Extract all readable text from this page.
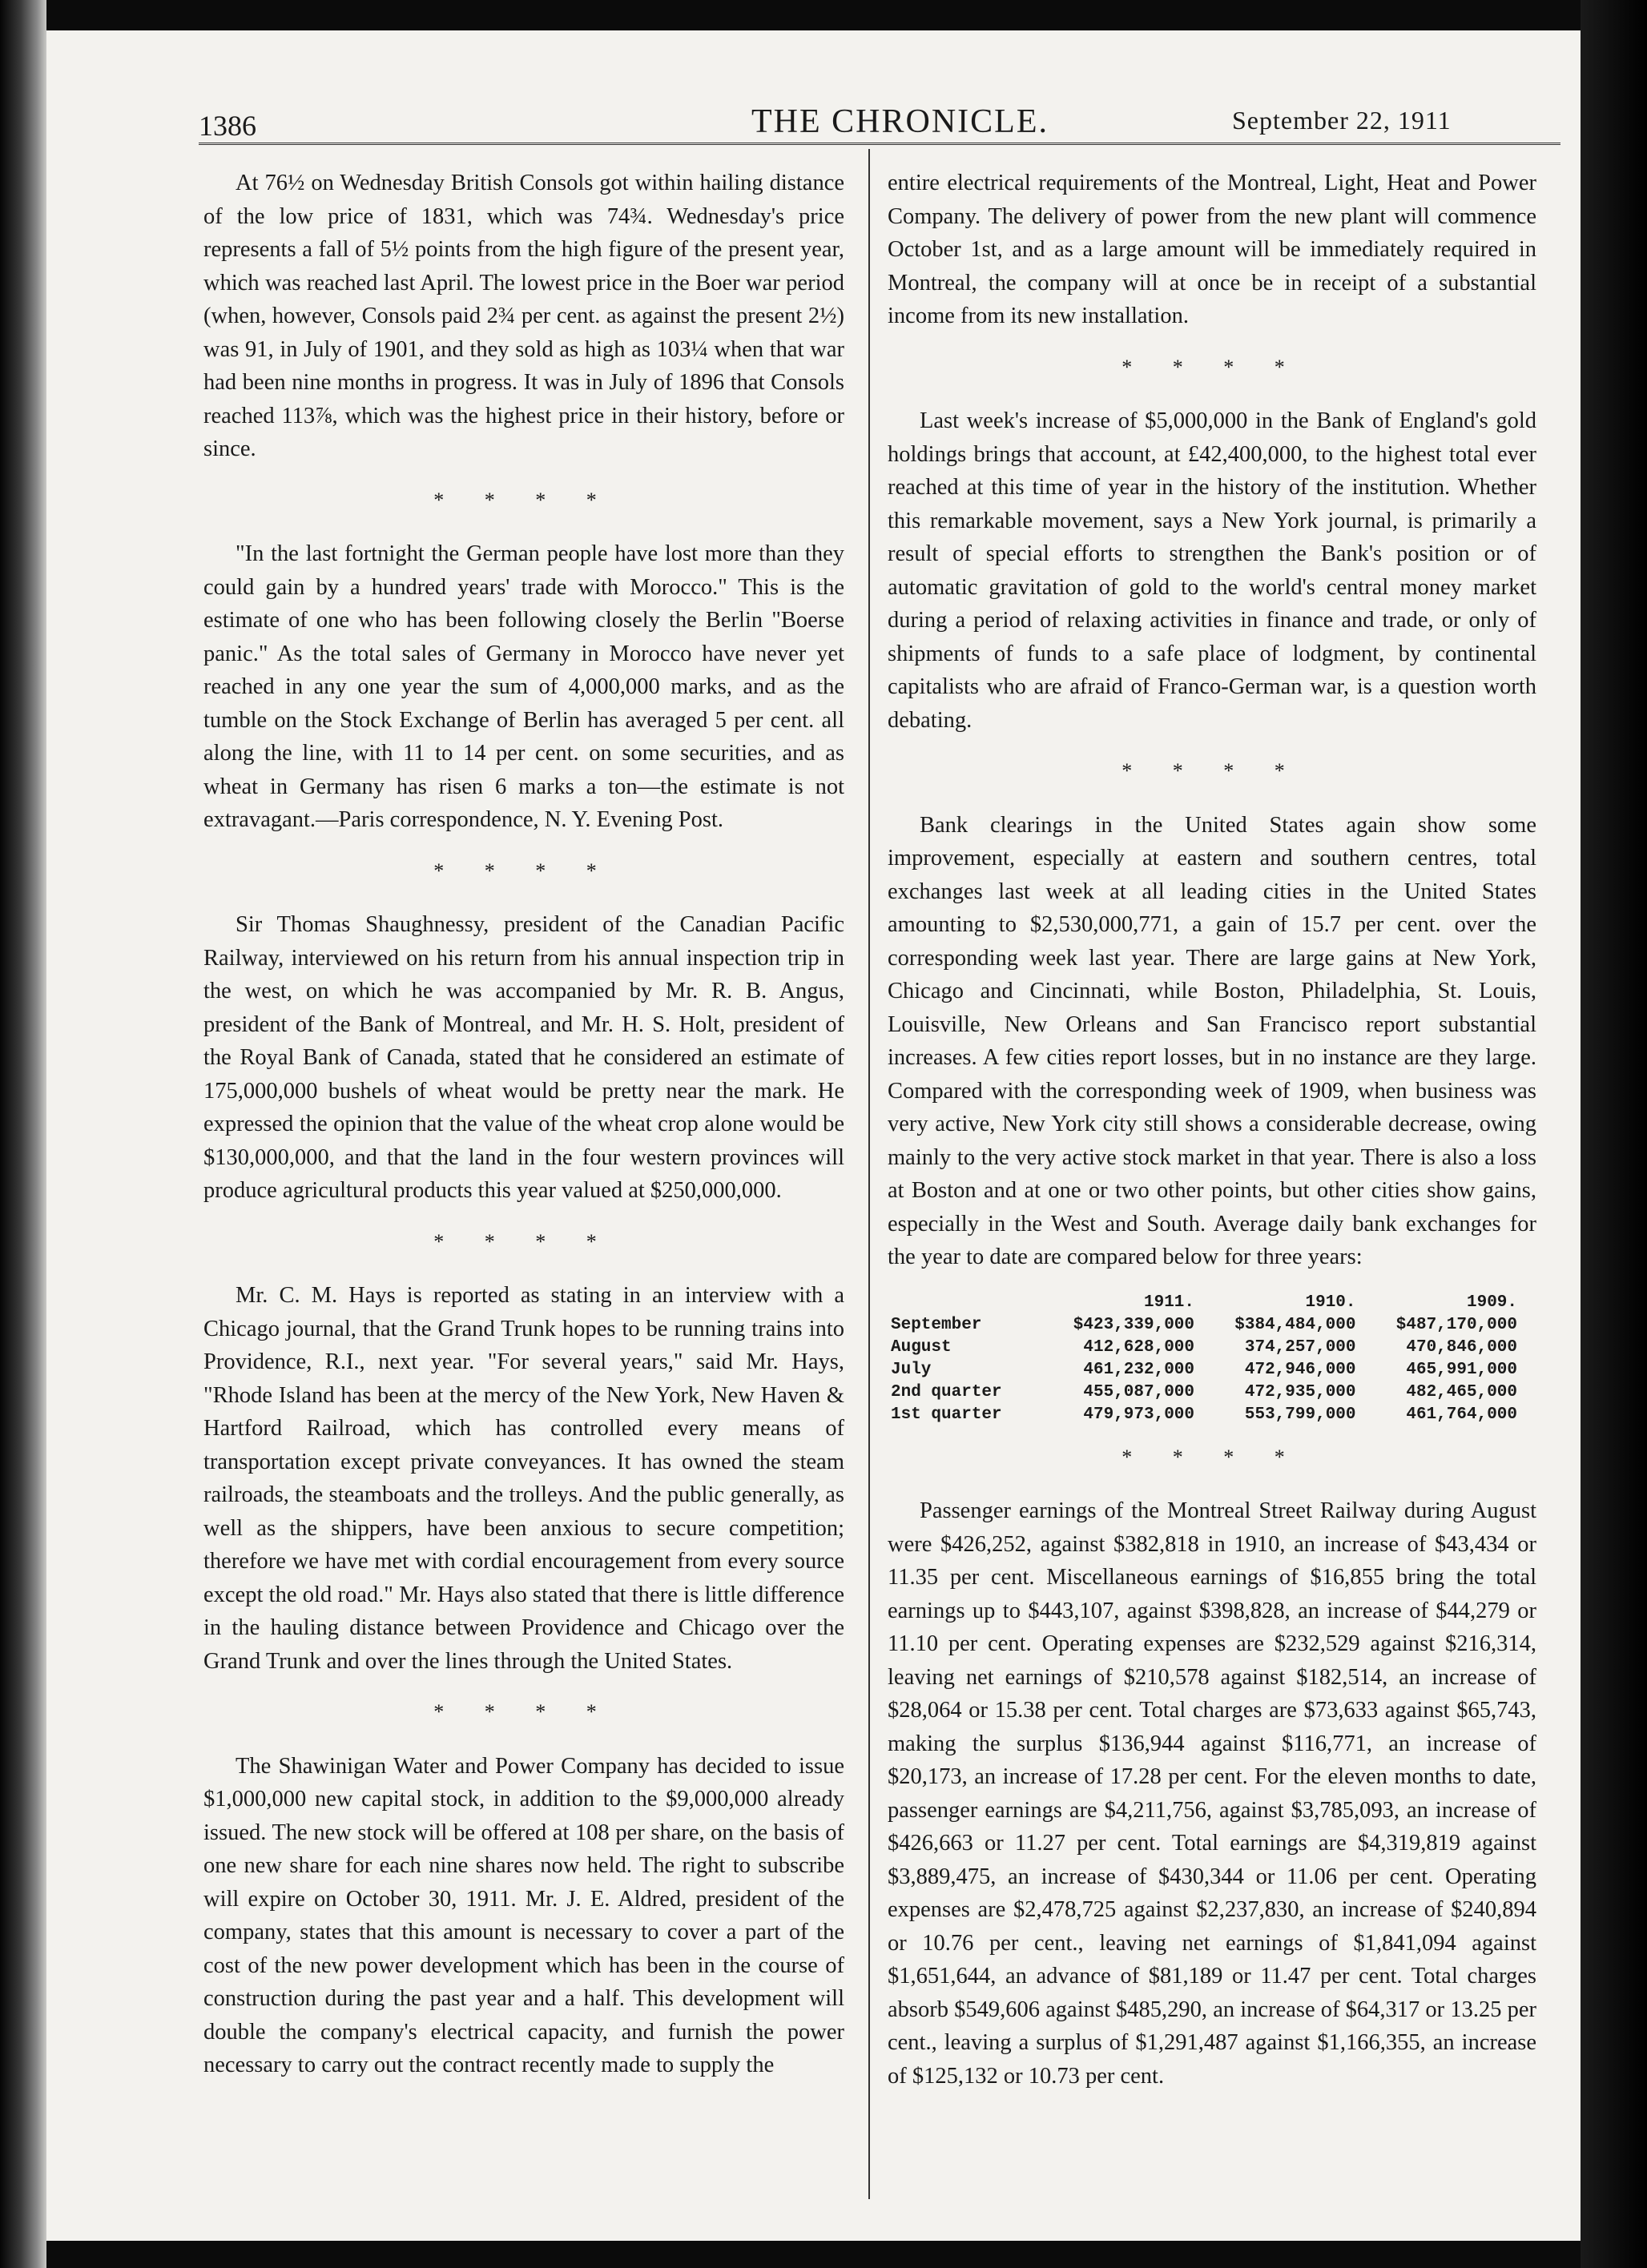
1386	THE CHRONICLE.	September 22, 1911

At 76½ on Wednesday British Consols got within hailing distance of the low price of 1831, which was 74¾. Wednesday's price represents a fall of 5½ points from the high figure of the present year, which was reached last April. The lowest price in the Boer war period (when, however, Consols paid 2¾ per cent. as against the present 2½) was 91, in July of 1901, and they sold as high as 103¼ when that war had been nine months in progress. It was in July of 1896 that Consols reached 113⅞, which was the highest price in their history, before or since.

* * * *

"In the last fortnight the German people have lost more than they could gain by a hundred years' trade with Morocco." This is the estimate of one who has been following closely the Berlin "Boerse panic." As the total sales of Germany in Morocco have never yet reached in any one year the sum of 4,000,000 marks, and as the tumble on the Stock Exchange of Berlin has averaged 5 per cent. all along the line, with 11 to 14 per cent. on some securities, and as wheat in Germany has risen 6 marks a ton—the estimate is not extravagant.—Paris correspondence, N. Y. Evening Post.

* * * *

Sir Thomas Shaughnessy, president of the Canadian Pacific Railway, interviewed on his return from his annual inspection trip in the west, on which he was accompanied by Mr. R. B. Angus, president of the Bank of Montreal, and Mr. H. S. Holt, president of the Royal Bank of Canada, stated that he considered an estimate of 175,000,000 bushels of wheat would be pretty near the mark. He expressed the opinion that the value of the wheat crop alone would be $130,000,000, and that the land in the four western provinces will produce agricultural products this year valued at $250,000,000.

* * * *

Mr. C. M. Hays is reported as stating in an interview with a Chicago journal, that the Grand Trunk hopes to be running trains into Providence, R.I., next year. "For several years," said Mr. Hays, "Rhode Island has been at the mercy of the New York, New Haven & Hartford Railroad, which has controlled every means of transportation except private conveyances. It has owned the steam railroads, the steamboats and the trolleys. And the public generally, as well as the shippers, have been anxious to secure competition; therefore we have met with cordial encouragement from every source except the old road." Mr. Hays also stated that there is little difference in the hauling distance between Providence and Chicago over the Grand Trunk and over the lines through the United States.

* * * *

The Shawinigan Water and Power Company has decided to issue $1,000,000 new capital stock, in addition to the $9,000,000 already issued. The new stock will be offered at 108 per share, on the basis of one new share for each nine shares now held. The right to subscribe will expire on October 30, 1911. Mr. J. E. Aldred, president of the company, states that this amount is necessary to cover a part of the cost of the new power development which has been in the course of construction during the past year and a half. This development will double the company's electrical capacity, and furnish the power necessary to carry out the contract recently made to supply the

entire electrical requirements of the Montreal, Light, Heat and Power Company. The delivery of power from the new plant will commence October 1st, and as a large amount will be immediately required in Montreal, the company will at once be in receipt of a substantial income from its new installation.

* * * *

Last week's increase of $5,000,000 in the Bank of England's gold holdings brings that account, at £42,400,000, to the highest total ever reached at this time of year in the history of the institution. Whether this remarkable movement, says a New York journal, is primarily a result of special efforts to strengthen the Bank's position or of automatic gravitation of gold to the world's central money market during a period of relaxing activities in finance and trade, or only of shipments of funds to a safe place of lodgment, by continental capitalists who are afraid of Franco-German war, is a question worth debating.

* * * *

Bank clearings in the United States again show some improvement, especially at eastern and southern centres, total exchanges last week at all leading cities in the United States amounting to $2,530,000,771, a gain of 15.7 per cent. over the corresponding week last year. There are large gains at New York, Chicago and Cincinnati, while Boston, Philadelphia, St. Louis, Louisville, New Orleans and San Francisco report substantial increases. A few cities report losses, but in no instance are they large. Compared with the corresponding week of 1909, when business was very active, New York city still shows a considerable decrease, owing mainly to the very active stock market in that year. There is also a loss at Boston and at one or two other points, but other cities show gains, especially in the West and South. Average daily bank exchanges for the year to date are compared below for three years:

	1911.	1910.	1909.
September	$423,339,000	$384,484,000	$487,170,000
August	412,628,000	374,257,000	470,846,000
July	461,232,000	472,946,000	465,991,000
2nd quarter	455,087,000	472,935,000	482,465,000
1st quarter	479,973,000	553,799,000	461,764,000
* * * *

Passenger earnings of the Montreal Street Railway during August were $426,252, against $382,818 in 1910, an increase of $43,434 or 11.35 per cent. Miscellaneous earnings of $16,855 bring the total earnings up to $443,107, against $398,828, an increase of $44,279 or 11.10 per cent. Operating expenses are $232,529 against $216,314, leaving net earnings of $210,578 against $182,514, an increase of $28,064 or 15.38 per cent. Total charges are $73,633 against $65,743, making the surplus $136,944 against $116,771, an increase of $20,173, an increase of 17.28 per cent. For the eleven months to date, passenger earnings are $4,211,756, against $3,785,093, an increase of $426,663 or 11.27 per cent. Total earnings are $4,319,819 against $3,889,475, an increase of $430,344 or 11.06 per cent. Operating expenses are $2,478,725 against $2,237,830, an increase of $240,894 or 10.76 per cent., leaving net earnings of $1,841,094 against $1,651,644, an advance of $81,189 or 11.47 per cent. Total charges absorb $549,606 against $485,290, an increase of $64,317 or 13.25 per cent., leaving a surplus of $1,291,487 against $1,166,355, an increase of $125,132 or 10.73 per cent.
